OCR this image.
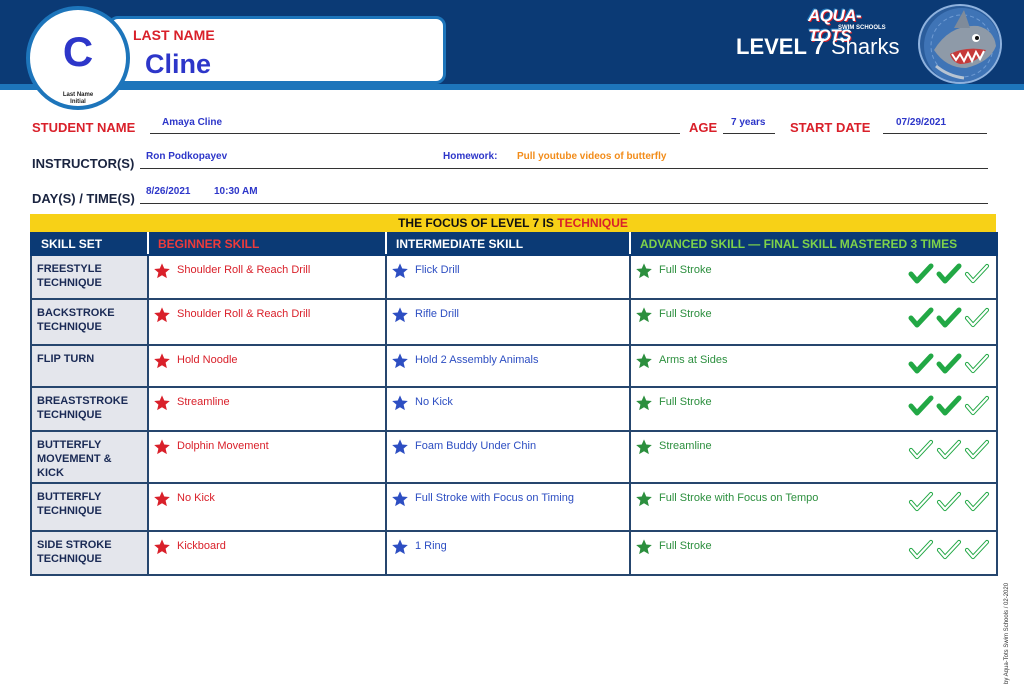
C
Last Name
Initial
LAST NAME
Cline
AQUA-TOTS
SWIM SCHOOLS
LEVEL 7 Sharks
STUDENT NAME	Amaya Cline	AGE 7 years START DATE	07/29/2021
INSTRUCTOR(S) Ron Podkopayev	Homework: Pull youtube videos of butterfly
DAY(S) / TIME(S) 8/26/2021 10:30 AM
THE FOCUS OF LEVEL 7 IS TECHNIQUE
SKILL SET	BEGINNER SKILL	INTERMEDIATE SKILL	ADVANCED SKILL — FINAL SKILL MASTERED 3 TIMES
FREESTYLE
TECHNIQUE	Shoulder Roll & Reach Drill	Flick Drill	Full Stroke

BACKSTROKE
TECHNIQUE	Shoulder Roll & Reach Drill	Rifle Drill	Full Stroke

FLIP TURN	Hold Noodle	Hold 2 Assembly Animals	Arms at Sides

BREASTSTROKE
TECHNIQUE	Streamline	No Kick	Full Stroke

BUTTERFLY
MOVEMENT &
KICK	Dolphin Movement	Foam Buddy Under Chin	Streamline

BUTTERFLY
TECHNIQUE	No Kick	Full Stroke with Focus on Timing	Full Stroke with Focus on Tempo

SIDE STROKE
TECHNIQUE	Kickboard	1 Ring	Full Stroke
by Aqua-Tots Swim Schools / 02-2020
